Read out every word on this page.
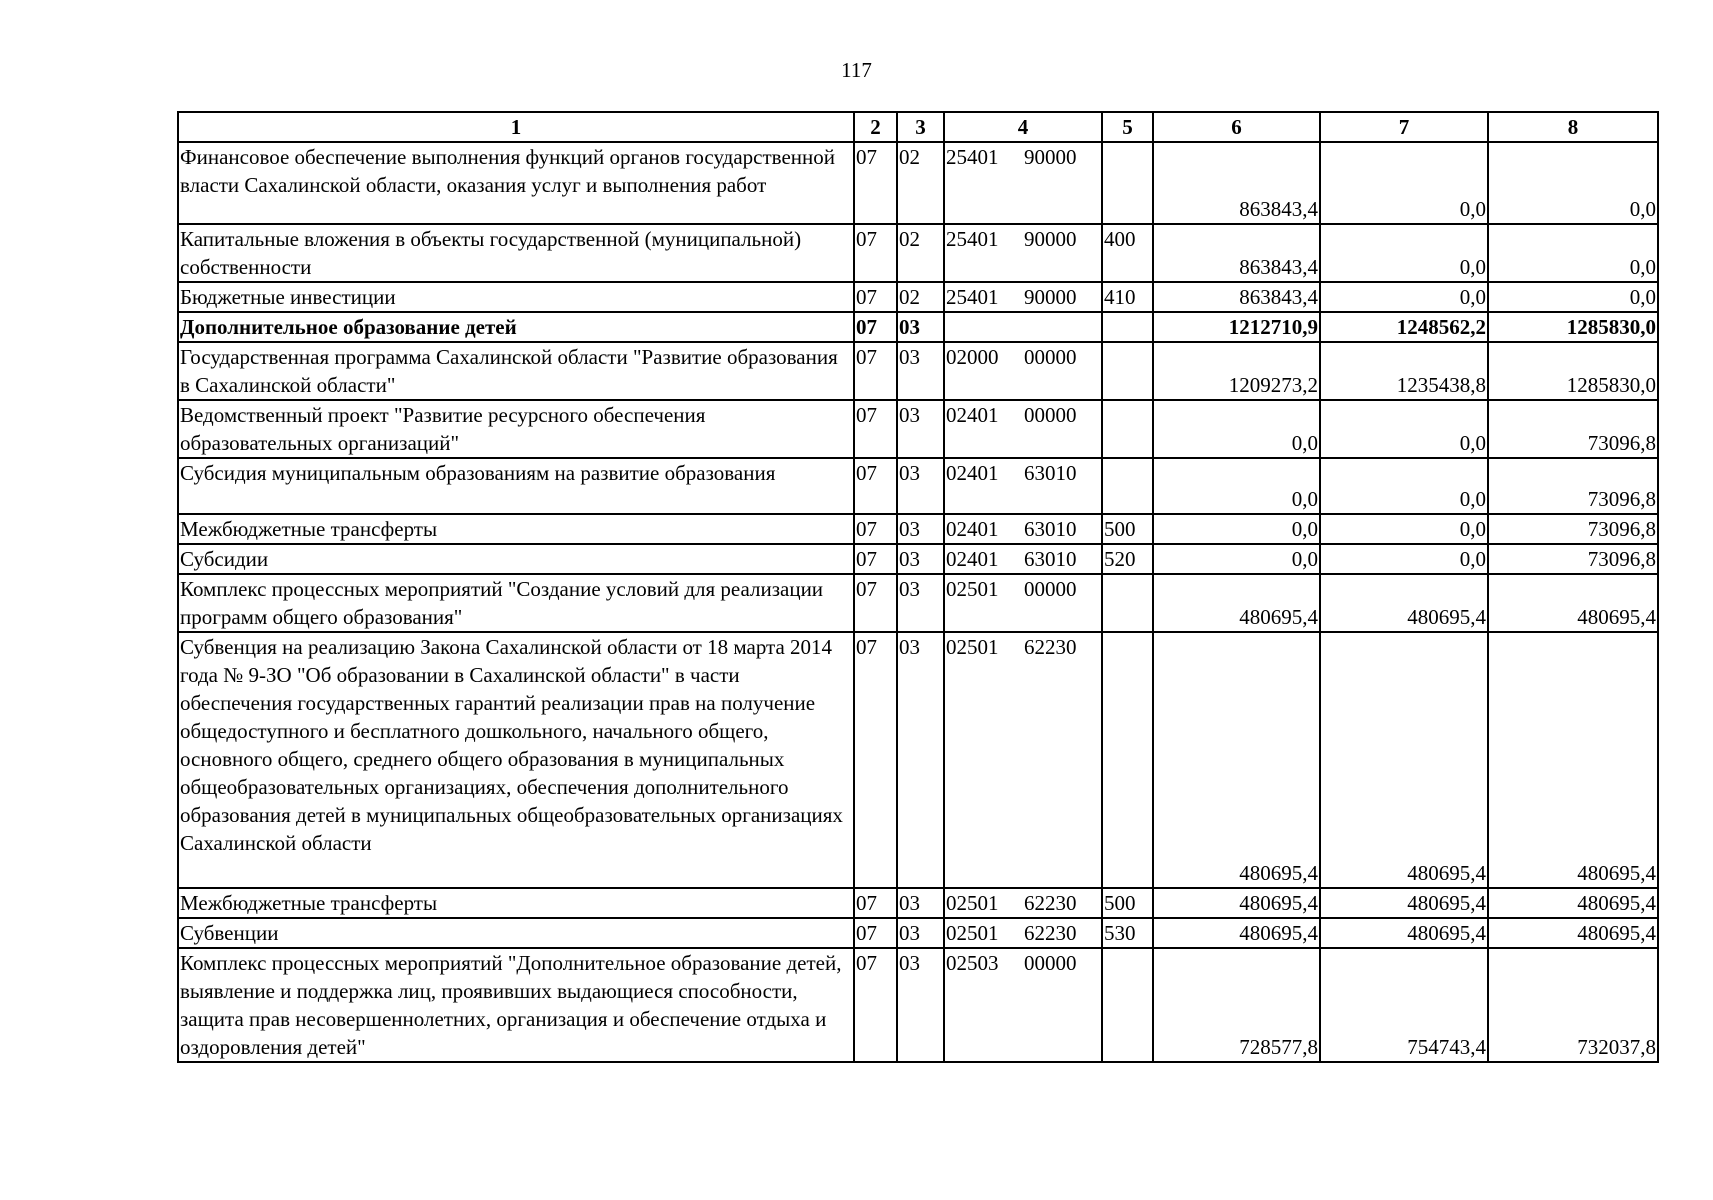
117
1	2	3	4	5	6	7	8
Финансовое обеспечение выполнения функций органов государственной власти Сахалинской области, оказания услуг и выполнения работ	07	02	25401 90000		863843,4	0,0	0,0
Капитальные вложения в объекты государственной (муниципальной) собственности	07	02	25401 90000	400	863843,4	0,0	0,0
Бюджетные инвестиции	07	02	25401 90000	410	863843,4	0,0	0,0
Дополнительное образование детей	07	03			1212710,9	1248562,2	1285830,0
Государственная программа Сахалинской области "Развитие образования в Сахалинской области"	07	03	02000 00000		1209273,2	1235438,8	1285830,0
Ведомственный проект "Развитие ресурсного обеспечения образовательных организаций"	07	03	02401 00000		0,0	0,0	73096,8
Субсидия муниципальным образованиям на развитие образования	07	03	02401 63010		0,0	0,0	73096,8
Межбюджетные трансферты	07	03	02401 63010	500	0,0	0,0	73096,8
Субсидии	07	03	02401 63010	520	0,0	0,0	73096,8
Комплекс процессных мероприятий "Создание условий для реализации программ общего образования"	07	03	02501 00000		480695,4	480695,4	480695,4
Субвенция на реализацию Закона Сахалинской области от 18 марта 2014 года № 9-ЗО "Об образовании в Сахалинской области" в части обеспечения государственных гарантий реализации прав на получение общедоступного и бесплатного дошкольного, начального общего, основного общего, среднего общего образования в муниципальных общеобразовательных организациях, обеспечения дополнительного образования детей в муниципальных общеобразовательных организациях Сахалинской области	07	03	02501 62230		480695,4	480695,4	480695,4
Межбюджетные трансферты	07	03	02501 62230	500	480695,4	480695,4	480695,4
Субвенции	07	03	02501 62230	530	480695,4	480695,4	480695,4
Комплекс процессных мероприятий "Дополнительное образование детей, выявление и поддержка лиц, проявивших выдающиеся способности, защита прав несовершеннолетних, организация и обеспечение отдыха и оздоровления детей"	07	03	02503 00000		728577,8	754743,4	732037,8
